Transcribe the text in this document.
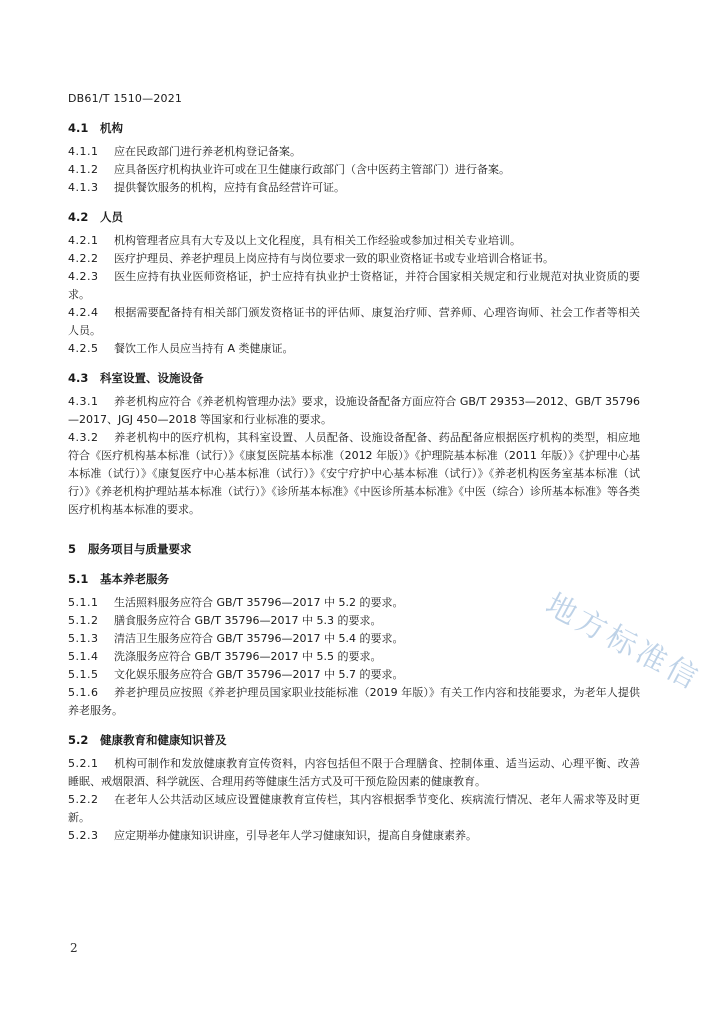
DB61/T 1510—2021
4.1 机构

4.1.1 应在民政部门进行养老机构登记备案。

4.1.2 应具备医疗机构执业许可或在卫生健康行政部门（含中医药主管部门）进行备案。

4.1.3 提供餐饮服务的机构，应持有食品经营许可证。

4.2 人员

4.2.1 机构管理者应具有大专及以上文化程度，具有相关工作经验或参加过相关专业培训。

4.2.2 医疗护理员、养老护理员上岗应持有与岗位要求一致的职业资格证书或专业培训合格证书。

4.2.3 医生应持有执业医师资格证，护士应持有执业护士资格证，并符合国家相关规定和行业规范对执业资质的要求。

4.2.4 根据需要配备持有相关部门颁发资格证书的评估师、康复治疗师、营养师、心理咨询师、社会工作者等相关人员。

4.2.5 餐饮工作人员应当持有 A 类健康证。

4.3 科室设置、设施设备

4.3.1 养老机构应符合《养老机构管理办法》要求，设施设备配备方面应符合 GB/T 29353—2012、GB/T 35796—2017、JGJ 450—2018 等国家和行业标准的要求。

4.3.2 养老机构中的医疗机构，其科室设置、人员配备、设施设备配备、药品配备应根据医疗机构的类型，相应地符合《医疗机构基本标准（试行）》《康复医院基本标准（2012 年版）》《护理院基本标准（2011 年版）》《护理中心基本标准（试行）》《康复医疗中心基本标准（试行）》《安宁疗护中心基本标准（试行）》《养老机构医务室基本标准（试行）》《养老机构护理站基本标准（试行）》《诊所基本标准》《中医诊所基本标准》《中医（综合）诊所基本标准》等各类医疗机构基本标准的要求。

5 服务项目与质量要求
5.1 基本养老服务

5.1.1 生活照料服务应符合 GB/T 35796—2017 中 5.2 的要求。

5.1.2 膳食服务应符合 GB/T 35796—2017 中 5.3 的要求。

5.1.3 清洁卫生服务应符合 GB/T 35796—2017 中 5.4 的要求。

5.1.4 洗涤服务应符合 GB/T 35796—2017 中 5.5 的要求。

5.1.5 文化娱乐服务应符合 GB/T 35796—2017 中 5.7 的要求。

5.1.6 养老护理员应按照《养老护理员国家职业技能标准（2019 年版）》有关工作内容和技能要求，为老年人提供养老服务。

5.2 健康教育和健康知识普及

5.2.1 机构可制作和发放健康教育宣传资料，内容包括但不限于合理膳食、控制体重、适当运动、心理平衡、改善睡眠、戒烟限酒、科学就医、合理用药等健康生活方式及可干预危险因素的健康教育。

5.2.2 在老年人公共活动区域应设置健康教育宣传栏，其内容根据季节变化、疾病流行情况、老年人需求等及时更新。

5.2.3 应定期举办健康知识讲座，引导老年人学习健康知识，提高自身健康素养。

地方标准信
2
